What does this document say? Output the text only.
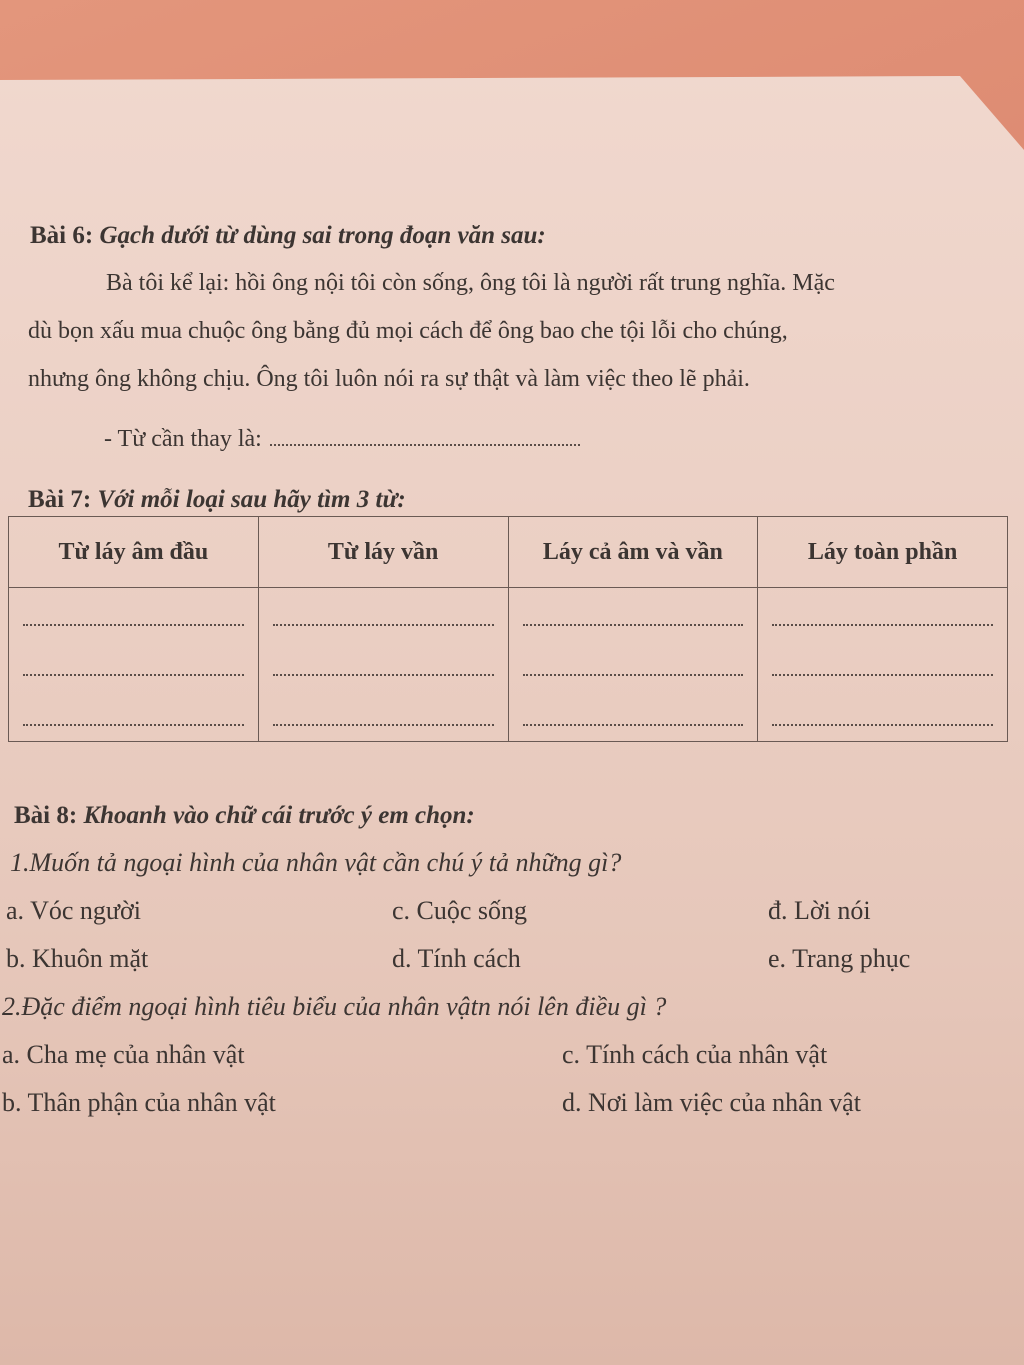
Bài 6: Gạch dưới từ dùng sai trong đoạn văn sau:
Bà tôi kể lại: hồi ông nội tôi còn sống, ông tôi là người rất trung nghĩa. Mặc
dù bọn xấu mua chuộc ông bằng đủ mọi cách để ông bao che tội lỗi cho chúng,
nhưng ông không chịu. Ông tôi luôn nói ra sự thật và làm việc theo lẽ phải.
- Từ cần thay là:
Bài 7: Với mỗi loại sau hãy tìm 3 từ:
Từ láy âm đầu	Từ láy vần	Láy cả âm và vần	Láy toàn phần

Bài 8: Khoanh vào chữ cái trước ý em chọn:
1.Muốn tả ngoại hình của nhân vật cần chú ý tả những gì?
a. Vóc người	c. Cuộc sống	đ. Lời nói
b. Khuôn mặt	d. Tính cách	e. Trang phục
2.Đặc điểm ngoại hình tiêu biểu của nhân vậtn nói lên điều gì ?
a. Cha mẹ của nhân vật	c. Tính cách của nhân vật
b. Thân phận của nhân vật	d. Nơi làm việc của nhân vật
